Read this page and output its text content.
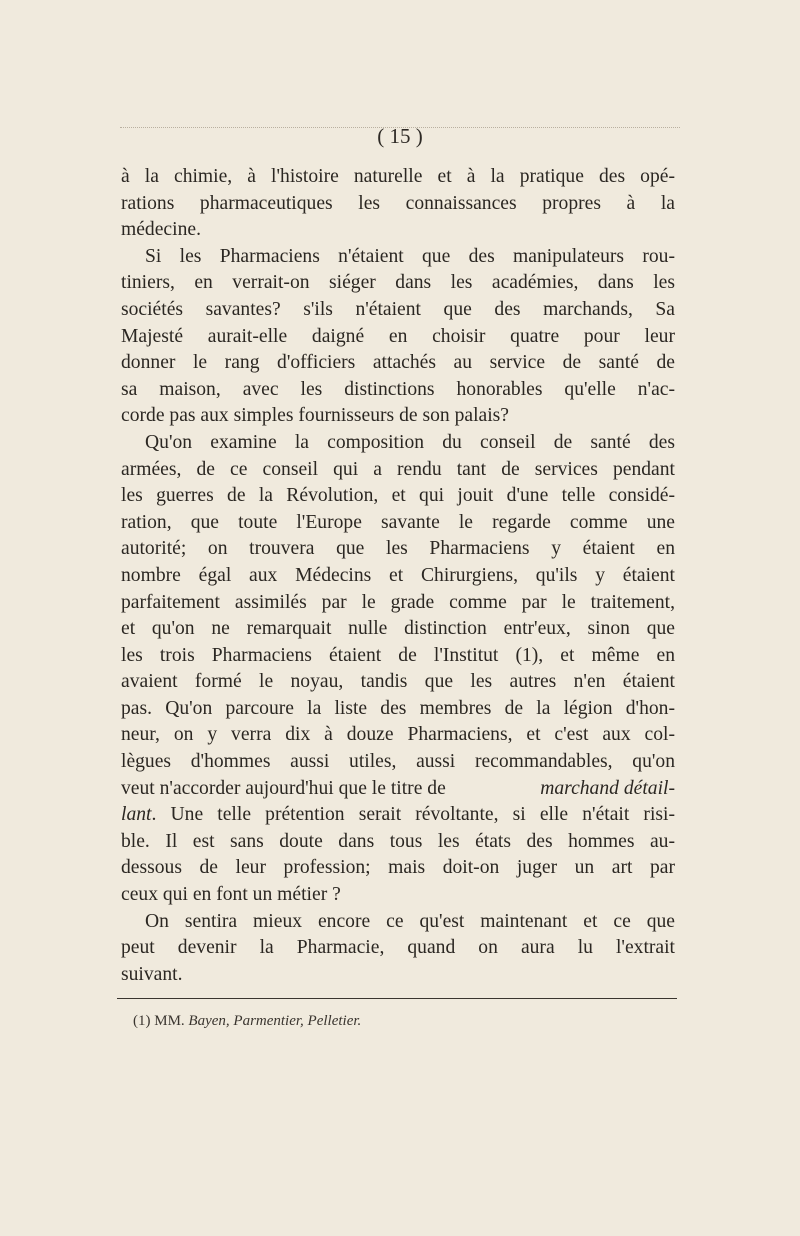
( 15 )
à la chimie, à l'histoire naturelle et à la pratique des opé-
rations pharmaceutiques les connaissances propres à la
médecine.
Si les Pharmaciens n'étaient que des manipulateurs rou-
tiniers, en verrait-on siéger dans les académies, dans les
sociétés savantes? s'ils n'étaient que des marchands, Sa
Majesté aurait-elle daigné en choisir quatre pour leur
donner le rang d'officiers attachés au service de santé de
sa maison, avec les distinctions honorables qu'elle n'ac-
corde pas aux simples fournisseurs de son palais?
Qu'on examine la composition du conseil de santé des
armées, de ce conseil qui a rendu tant de services pendant
les guerres de la Révolution, et qui jouit d'une telle considé-
ration, que toute l'Europe savante le regarde comme une
autorité; on trouvera que les Pharmaciens y étaient en
nombre égal aux Médecins et Chirurgiens, qu'ils y étaient
parfaitement assimilés par le grade comme par le traitement,
et qu'on ne remarquait nulle distinction entr'eux, sinon que
les trois Pharmaciens étaient de l'Institut (1), et même en
avaient formé le noyau, tandis que les autres n'en étaient
pas. Qu'on parcoure la liste des membres de la légion d'hon-
neur, on y verra dix à douze Pharmaciens, et c'est aux col-
lègues d'hommes aussi utiles, aussi recommandables, qu'on
veut n'accorder aujourd'hui que le titre de	marchand détail-
lant . Une telle prétention serait révoltante, si elle n'était risi-
ble. Il est sans doute dans tous les états des hommes au-
dessous de leur profession; mais doit-on juger un art par
ceux qui en font un métier ?
On sentira mieux encore ce qu'est maintenant et ce que
peut devenir la Pharmacie, quand on aura lu l'extrait
suivant.
(1) MM. Bayen, Parmentier, Pelletier.
